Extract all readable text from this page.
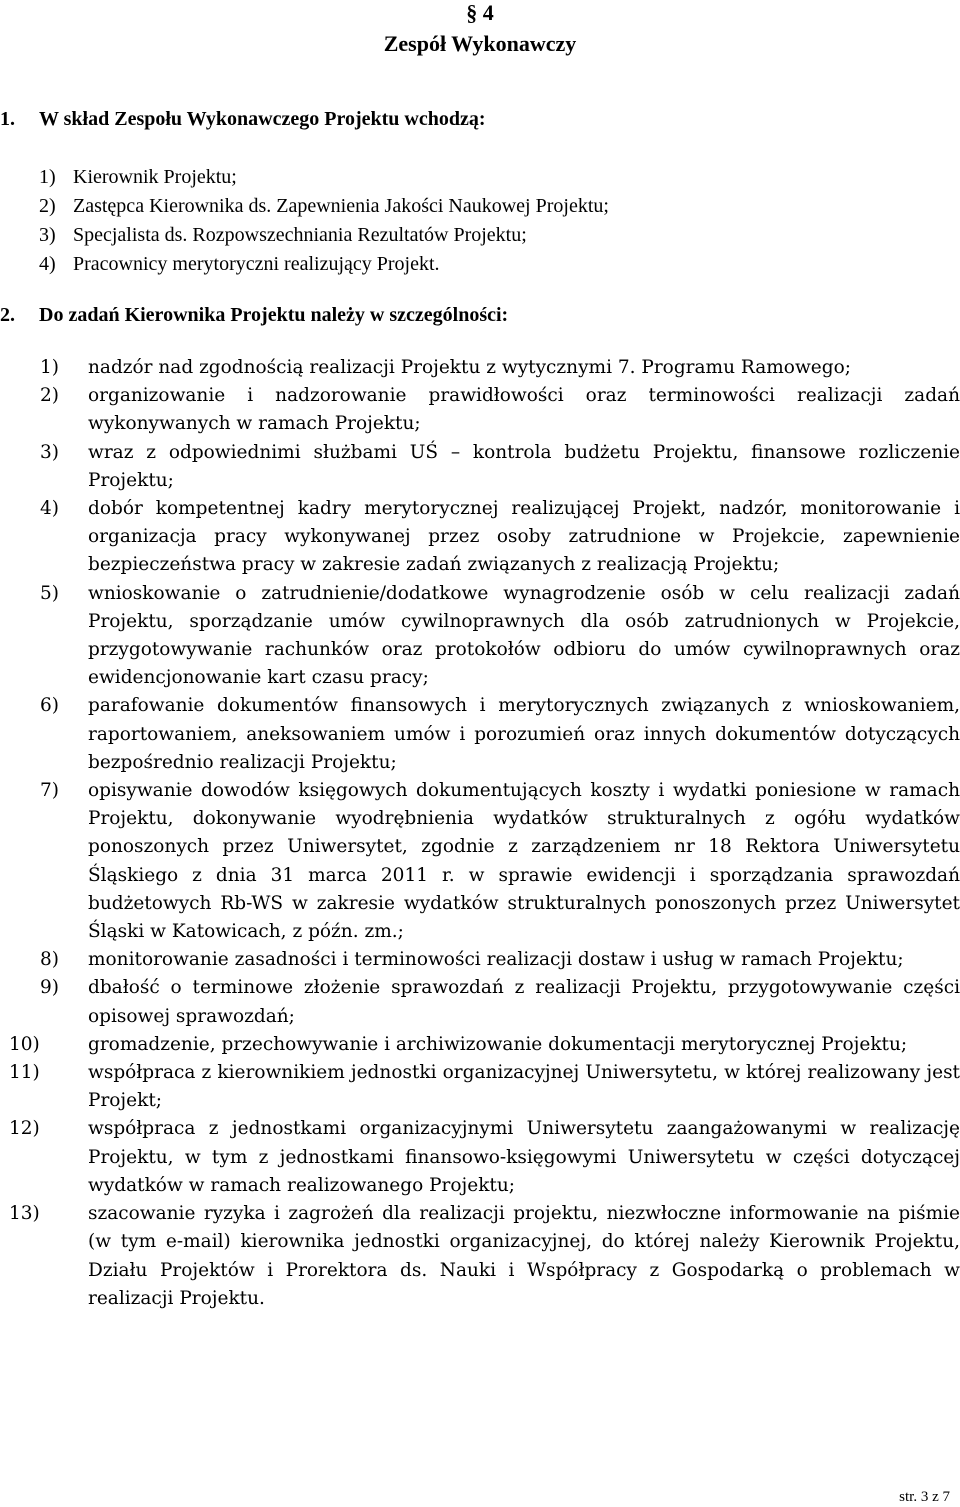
§ 4
Zespół Wykonawczy
1. W skład Zespołu Wykonawczego Projektu wchodzą:
1) Kierownik Projektu;
2) Zastępca Kierownika ds. Zapewnienia Jakości Naukowej Projektu;
3) Specjalista ds. Rozpowszechniania Rezultatów Projektu;
4) Pracownicy merytoryczni realizujący Projekt.
2. Do zadań Kierownika Projektu należy w szczególności:
1) nadzór nad zgodnością realizacji Projektu z wytycznymi 7. Programu Ramowego;
2) organizowanie i nadzorowanie prawidłowości oraz terminowości realizacji zadań wykonywanych w ramach Projektu;
3) wraz z odpowiednimi służbami UŚ – kontrola budżetu Projektu, finansowe rozliczenie Projektu;
4) dobór kompetentnej kadry merytorycznej realizującej Projekt, nadzór, monitorowanie i organizacja pracy wykonywanej przez osoby zatrudnione w Projekcie, zapewnienie bezpieczeństwa pracy w zakresie zadań związanych z realizacją Projektu;
5) wnioskowanie o zatrudnienie/dodatkowe wynagrodzenie osób w celu realizacji zadań Projektu, sporządzanie umów cywilnoprawnych dla osób zatrudnionych w Projekcie, przygotowywanie rachunków oraz protokołów odbioru do umów cywilnoprawnych oraz ewidencjonowanie kart czasu pracy;
6) parafowanie dokumentów finansowych i merytorycznych związanych z wnioskowaniem, raportowaniem, aneksowaniem umów i porozumień oraz innych dokumentów dotyczących bezpośrednio realizacji Projektu;
7) opisywanie dowodów księgowych dokumentujących koszty i wydatki poniesione w ramach Projektu, dokonywanie wyodrębnienia wydatków strukturalnych z ogółu wydatków ponoszonych przez Uniwersytet, zgodnie z zarządzeniem nr 18 Rektora Uniwersytetu Śląskiego z dnia 31 marca 2011 r. w sprawie ewidencji i sporządzania sprawozdań budżetowych Rb-WS w zakresie wydatków strukturalnych ponoszonych przez Uniwersytet Śląski w Katowicach, z późn. zm.;
8) monitorowanie zasadności i terminowości realizacji dostaw i usług w ramach Projektu;
9) dbałość o terminowe złożenie sprawozdań z realizacji Projektu, przygotowywanie części opisowej sprawozdań;
10)	gromadzenie, przechowywanie i archiwizowanie dokumentacji merytorycznej Projektu;
11)	współpraca z kierownikiem jednostki organizacyjnej Uniwersytetu, w której realizowany jest Projekt;
12)	współpraca z jednostkami organizacyjnymi Uniwersytetu zaangażowanymi w realizację Projektu, w tym z jednostkami finansowo-księgowymi Uniwersytetu w części dotyczącej wydatków w ramach realizowanego Projektu;
13)	szacowanie ryzyka i zagrożeń dla realizacji projektu, niezwłoczne informowanie na piśmie (w tym e-mail) kierownika jednostki organizacyjnej, do której należy Kierownik Projektu, Działu Projektów i Prorektora ds. Nauki i Współpracy z Gospodarką o problemach w realizacji Projektu.
str. 3 z 7
